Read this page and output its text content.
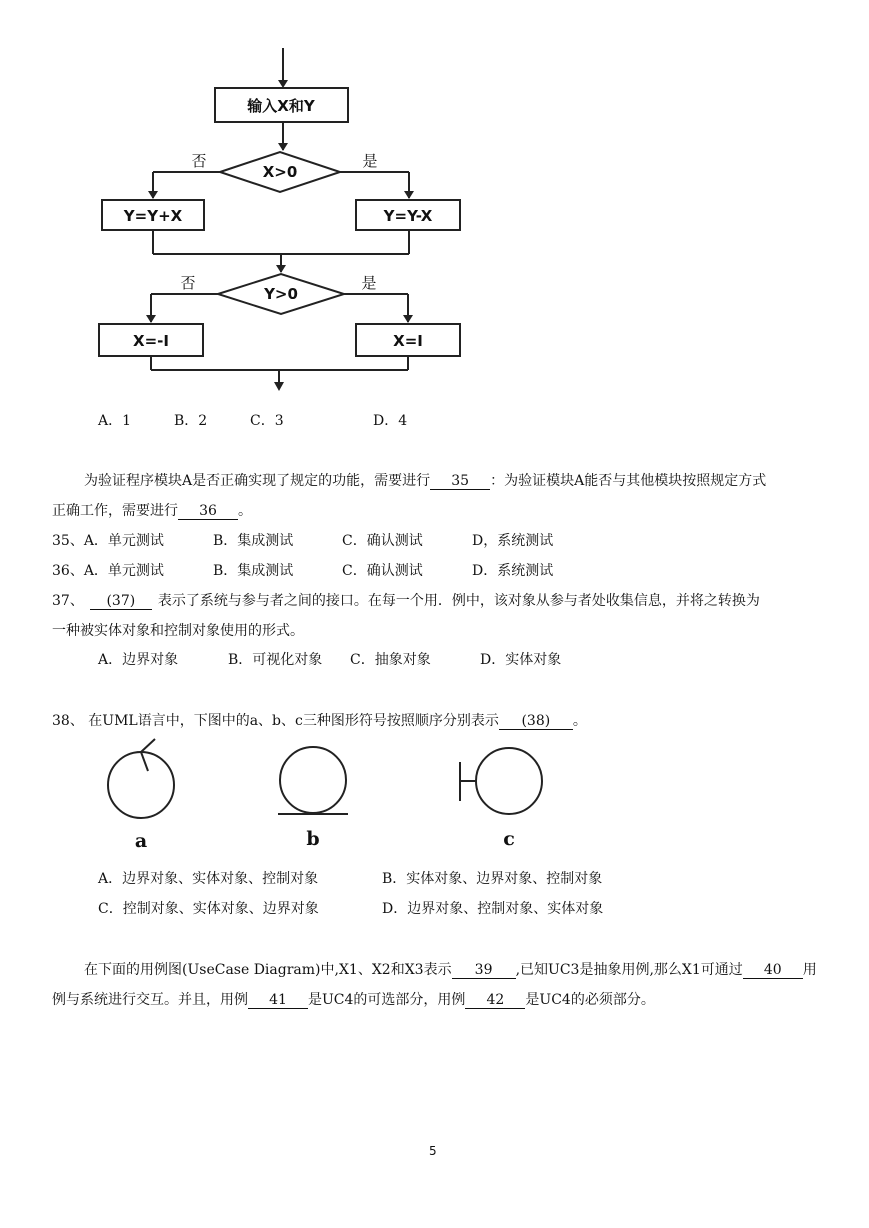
输入X和Y
X>0
Y=Y+X	Y=Y-X
Y>0
X=-I	X=I
否	是
否	是
A．1	B．2	C．3	D．4
为验证程序模块A是否正确实现了规定的功能，需要进行 35 ：为验证模块A能否与其他模块按照规定方式
正确工作，需要进行 36 。
35、A．单元测试	B．集成测试	C．确认测试	D，系统测试
36、A．单元测试	B．集成测试	C．确认测试	D．系统测试
37、 (37) 表示了系统与参与者之间的接口。在每一个用．例中，该对象从参与者处收集信息，并将之转换为
一种被实体对象和控制对象使用的形式。
A．边界对象	B．可视化对象 C．抽象对象	D．实体对象
38、 在UML语言中，下图中的a、b、c三种图形符号按照顺序分别表示 (38) 。
a	b	c
A．边界对象、实体对象、控制对象	B．实体对象、边界对象、控制对象
C．控制对象、实体对象、边界对象	D．边界对象、控制对象、实体对象
在下面的用例图(UseCase Diagram)中,X1、X2和X3表示 39 ,已知UC3是抽象用例,那么X1可通过 40 用
例与系统进行交互。并且，用例 41 是UC4的可选部分，用例 42 是UC4的必须部分。
5
